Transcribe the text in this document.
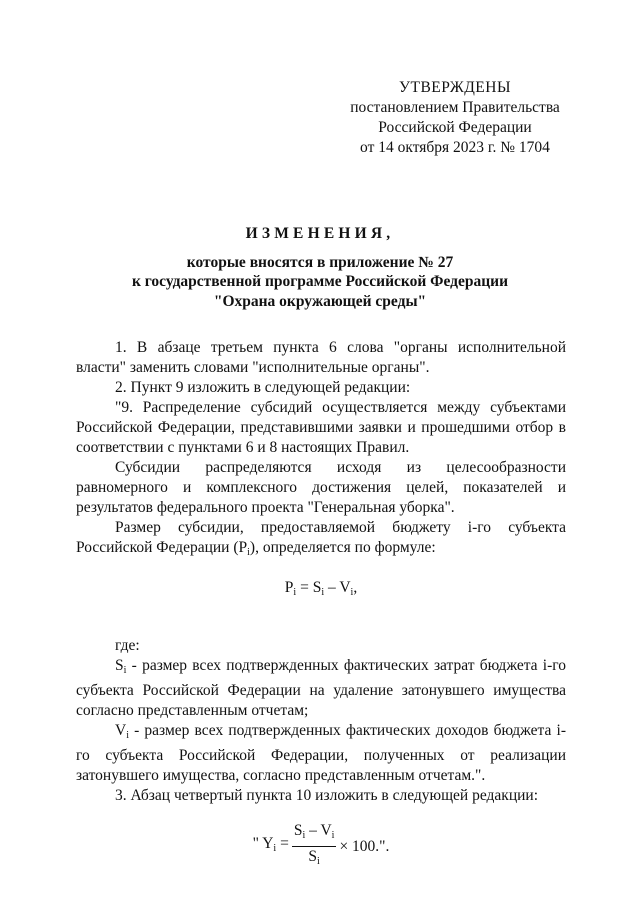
УТВЕРЖДЕНЫ
постановлением Правительства
Российской Федерации
от 14 октября 2023 г. № 1704
ИЗМЕНЕНИЯ,
которые вносятся в приложение № 27
к государственной программе Российской Федерации
"Охрана окружающей среды"

1. В абзаце третьем пункта 6 слова "органы исполнительной власти" заменить словами "исполнительные органы".

2. Пункт 9 изложить в следующей редакции:

"9. Распределение субсидий осуществляется между субъектами Российской Федерации, представившими заявки и прошедшими отбор в соответствии с пунктами 6 и 8 настоящих Правил.

Субсидии распределяются исходя из целесообразности равномерного и комплексного достижения целей, показателей и результатов федерального проекта "Генеральная уборка".

Размер субсидии, предоставляемой бюджету i-го субъекта Российской Федерации $(P_i)$, определяется по формуле:

$P_i = S_i - V_i$,

где:

$S_i$ - размер всех подтвержденных фактических затрат бюджета i-го субъекта Российской Федерации на удаление затонувшего имущества согласно представленным отчетам;

$V_i$ - размер всех подтвержденных фактических доходов бюджета i-го субъекта Российской Федерации, полученных от реализации затонувшего имущества, согласно представленным отчетам.".

3. Абзац четвертый пункта 10 изложить в следующей редакции:

" $Y_i = \frac{S_i - V_i}{S_i} \times 100$.".
